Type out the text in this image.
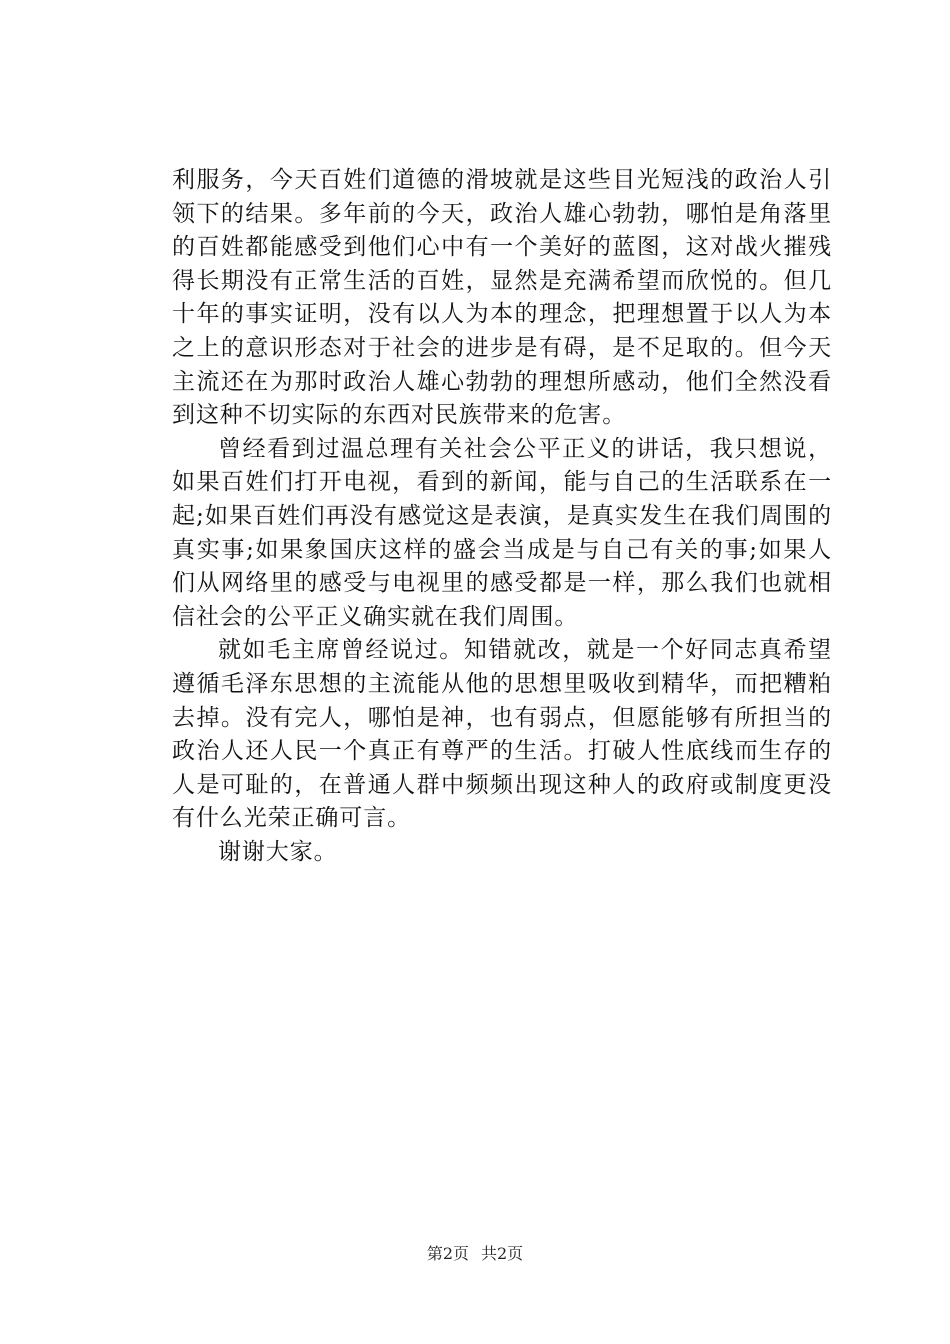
利服务，今天百姓们道德的滑坡就是这些目光短浅的政治人引领下的结果。多年前的今天，政治人雄心勃勃，哪怕是角落里的百姓都能感受到他们心中有一个美好的蓝图，这对战火摧残得长期没有正常生活的百姓，显然是充满希望而欣悦的。但几十年的事实证明，没有以人为本的理念，把理想置于以人为本之上的意识形态对于社会的进步是有碍，是不足取的。但今天主流还在为那时政治人雄心勃勃的理想所感动，他们全然没看到这种不切实际的东西对民族带来的危害。

曾经看到过温总理有关社会公平正义的讲话，我只想说，如果百姓们打开电视，看到的新闻，能与自己的生活联系在一起;如果百姓们再没有感觉这是表演，是真实发生在我们周围的真实事;如果象国庆这样的盛会当成是与自己有关的事;如果人们从网络里的感受与电视里的感受都是一样，那么我们也就相信社会的公平正义确实就在我们周围。

就如毛主席曾经说过。知错就改，就是一个好同志真希望遵循毛泽东思想的主流能从他的思想里吸收到精华，而把糟粕去掉。没有完人，哪怕是神，也有弱点，但愿能够有所担当的政治人还人民一个真正有尊严的生活。打破人性底线而生存的人是可耻的，在普通人群中频频出现这种人的政府或制度更没有什么光荣正确可言。

谢谢大家。

第2页 共2页
